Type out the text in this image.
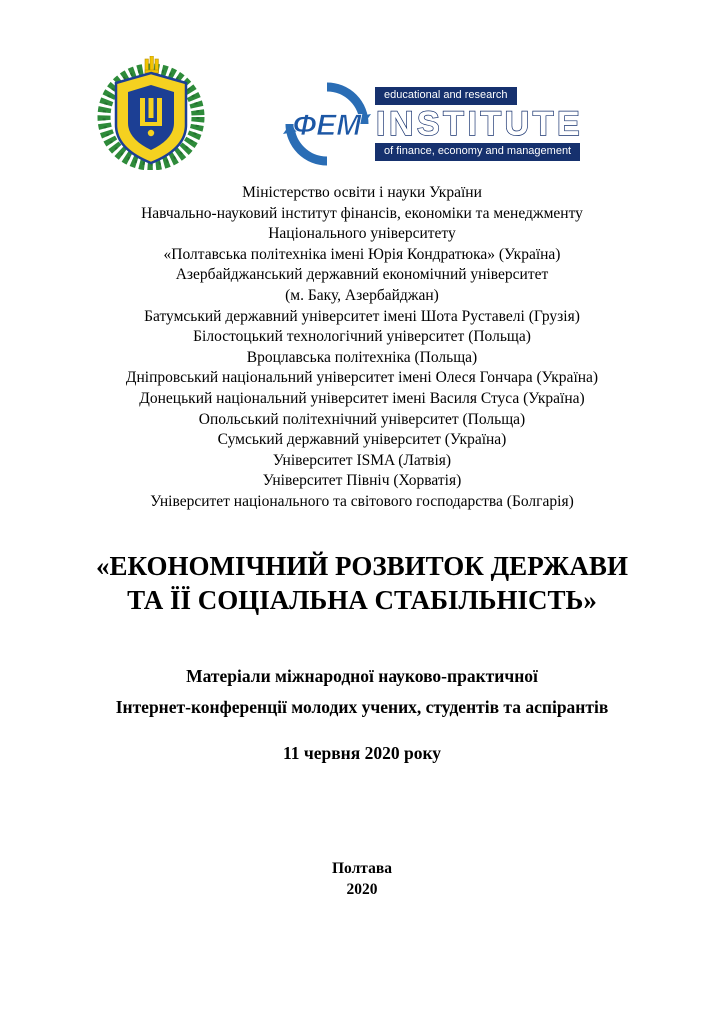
ФЕМ
educational and research
INSTITUTE
of finance, economy and management
Міністерство освіти і науки України
Навчально-науковий інститут фінансів, економіки та менеджменту
Національного університету
«Полтавська політехніка імені Юрія Кондратюка» (Україна)
Азербайджанський державний економічний університет
(м. Баку, Азербайджан)
Батумський державний університет імені Шота Руставелі (Грузія)
Білостоцький технологічний університет (Польща)
Вроцлавська політехніка (Польща)
Дніпровський національний університет імені Олеся Гончара (Україна)
Донецький національний університет імені Василя Стуса (Україна)
Опольський політехнічний університет (Польща)
Сумський державний університет (Україна)
Університет ISMA (Латвія)
Університет Північ (Хорватія)
Університет національного та світового господарства (Болгарія)
«ЕКОНОМІЧНИЙ РОЗВИТОК ДЕРЖАВИ
ТА ЇЇ СОЦІАЛЬНА СТАБІЛЬНІСТЬ»
Матеріали міжнародної науково-практичної
Інтернет-конференції молодих учених, студентів та аспірантів
11 червня 2020 року
Полтава
2020
